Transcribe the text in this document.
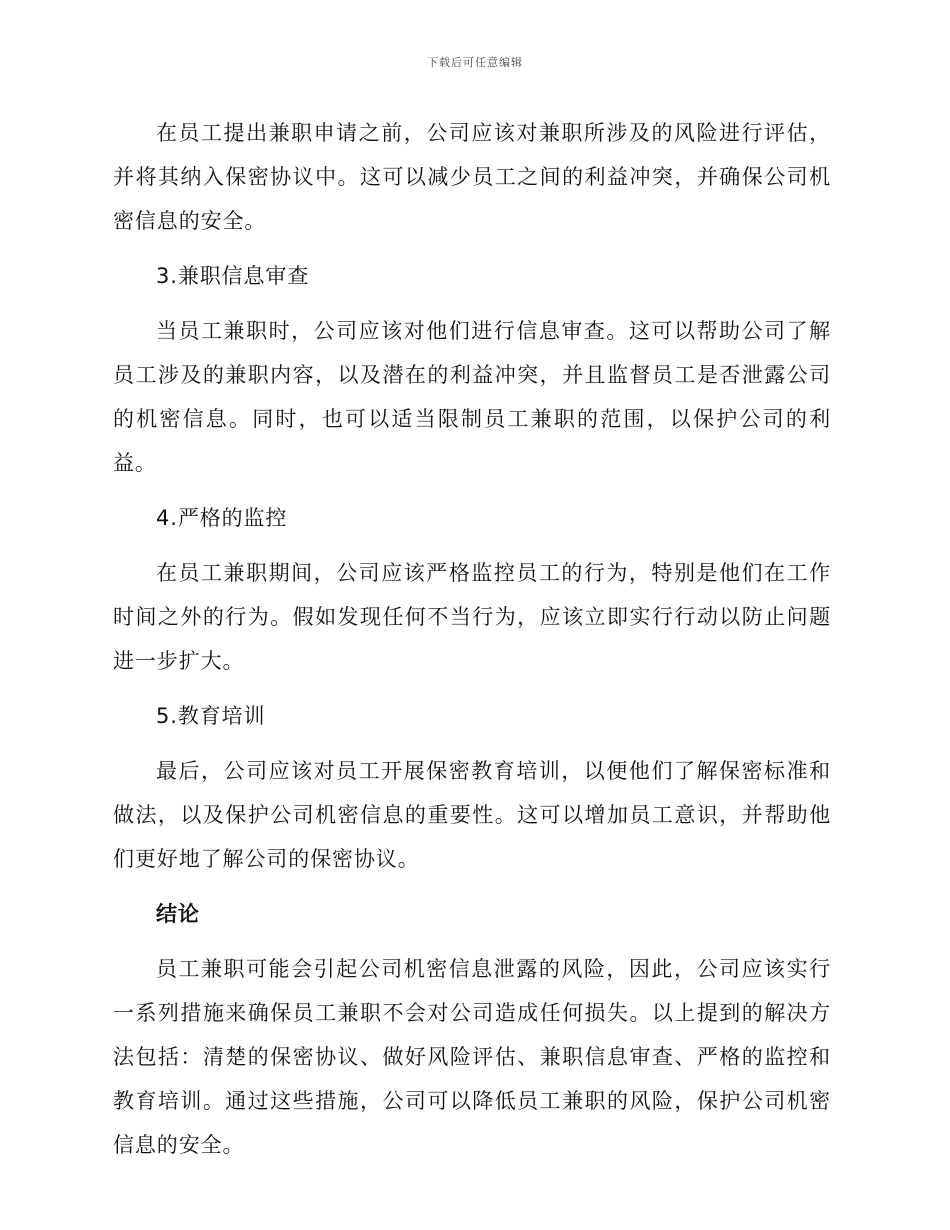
下载后可任意编辑

在员工提出兼职申请之前，公司应该对兼职所涉及的风险进行评估，并将其纳入保密协议中。这可以减少员工之间的利益冲突，并确保公司机密信息的安全。

3.兼职信息审查

当员工兼职时，公司应该对他们进行信息审查。这可以帮助公司了解员工涉及的兼职内容，以及潜在的利益冲突，并且监督员工是否泄露公司的机密信息。同时，也可以适当限制员工兼职的范围，以保护公司的利益。

4.严格的监控

在员工兼职期间，公司应该严格监控员工的行为，特别是他们在工作时间之外的行为。假如发现任何不当行为，应该立即实行行动以防止问题进一步扩大。

5.教育培训

最后，公司应该对员工开展保密教育培训，以便他们了解保密标准和做法，以及保护公司机密信息的重要性。这可以增加员工意识，并帮助他们更好地了解公司的保密协议。

结论

员工兼职可能会引起公司机密信息泄露的风险，因此，公司应该实行一系列措施来确保员工兼职不会对公司造成任何损失。以上提到的解决方法包括：清楚的保密协议、做好风险评估、兼职信息审查、严格的监控和教育培训。通过这些措施，公司可以降低员工兼职的风险，保护公司机密信息的安全。
